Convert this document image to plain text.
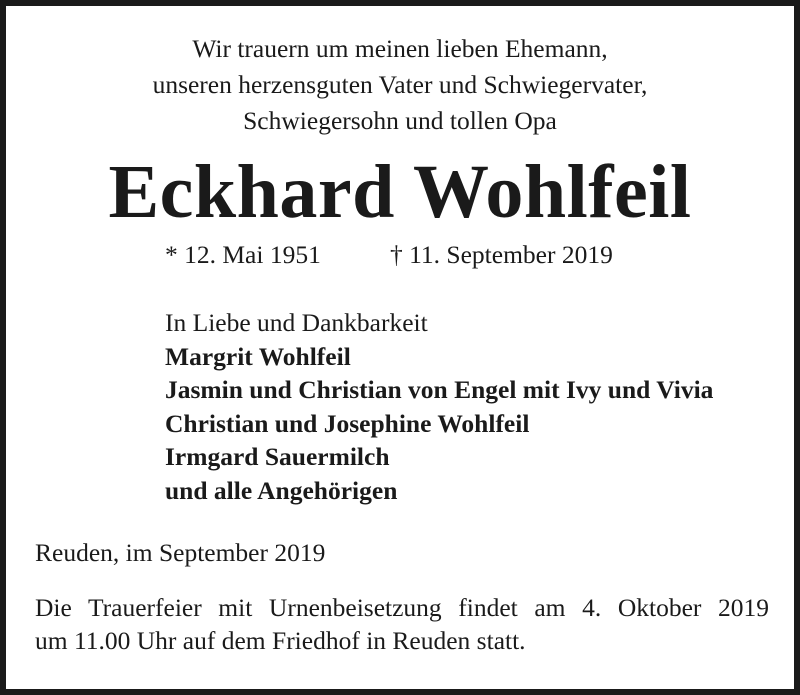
Wir trauern um meinen lieben Ehemann,
unseren herzensguten Vater und Schwiegervater,
Schwiegersohn und tollen Opa
Eckhard Wohlfeil
* 12. Mai 1951	† 11. September 2019
In Liebe und Dankbarkeit
Margrit Wohlfeil
Jasmin und Christian von Engel mit Ivy und Vivia
Christian und Josephine Wohlfeil
Irmgard Sauermilch
und alle Angehörigen
Reuden, im September 2019
Die Trauerfeier mit Urnenbeisetzung findet am 4. Oktober 2019
um 11.00 Uhr auf dem Friedhof in Reuden statt.
